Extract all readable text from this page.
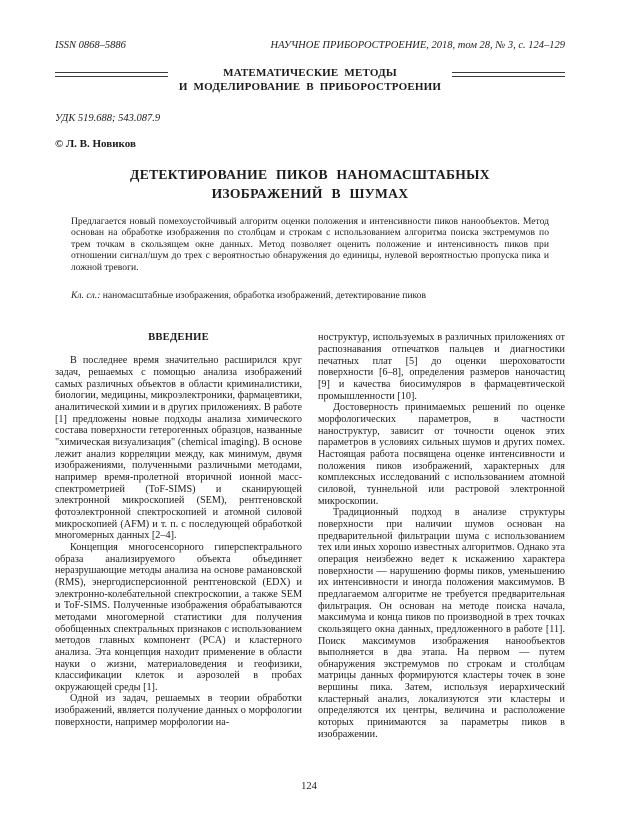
ISSN 0868–5886	НАУЧНОЕ ПРИБОРОСТРОЕНИЕ, 2018, том 28, № 3, с. 124–129
МАТЕМАТИЧЕСКИЕ МЕТОДЫ
И МОДЕЛИРОВАНИЕ В ПРИБОРОСТРОЕНИИ
УДК 519.688; 543.087.9
© Л. В. Новиков
ДЕТЕКТИРОВАНИЕ ПИКОВ НАНОМАСШТАБНЫХ
ИЗОБРАЖЕНИЙ В ШУМАХ
Предлагается новый помехоустойчивый алгоритм оценки положения и интенсивности пиков нанообъектов. Метод основан на обработке изображения по столбцам и строкам с использованием алгоритма поиска экстремумов по трем точкам в скользящем окне данных. Метод позволяет оценить положение и интенсивность пиков при отношении сигнал/шум до трех с вероятностью обнаружения до единицы, нулевой вероятностью пропуска пика и ложной тревоги.
Кл. сл.: наномасштабные изображения, обработка изображений, детектирование пиков
ВВЕДЕНИЕ

В последнее время значительно расширился круг задач, решаемых с помощью анализа изображений самых различных объектов в области криминалистики, биологии, медицины, микроэлектроники, фармацевтики, аналитической химии и в других приложениях. В работе [1] предложены новые подходы анализа химического состава поверхности гетерогенных образцов, названные "химическая визуализация" (chemical imaging). В основе лежит анализ корреляции между, как минимум, двумя изображениями, полученными различными методами, например время-пролетной вторичной ионной масс-спектрометрией (ToF-SIMS) и сканирующей электронной микроскопией (SEM), рентгеновской фотоэлектронной спектроскопией и атомной силовой микроскопией (AFM) и т. п. с последующей обработкой многомерных данных [2–4].

Концепция многосенсорного гиперспектрального образа анализируемого объекта объединяет неразрушающие методы анализа на основе рамановской (RMS), энергодисперсионной рентгеновской (EDX) и электронно-колебательной спектроскопии, а также SEM и ToF-SIMS. Полученные изображения обрабатываются методами многомерной статистики для получения обобщенных спектральных признаков с использованием методов главных компонент (PCA) и кластерного анализа. Эта концепция находит применение в области науки о жизни, материаловедения и геофизики, классификации клеток и аэрозолей в пробах окружающей среды [1].

Одной из задач, решаемых в теории обработки изображений, является получение данных о морфологии поверхности, например морфологии на-

ноструктур, используемых в различных приложениях от распознавания отпечатков пальцев и диагностики печатных плат [5] до оценки шероховатости поверхности [6–8], определения размеров наночастиц [9] и качества биосимуляров в фармацевтической промышленности [10].

Достоверность принимаемых решений по оценке морфологических параметров, в частности наноструктур, зависит от точности оценок этих параметров в условиях сильных шумов и других помех. Настоящая работа посвящена оценке интенсивности и положения пиков изображений, характерных для комплексных исследований с использованием атомной силовой, туннельной или растровой электронной микроскопии.

Традиционный подход в анализе структуры поверхности при наличии шумов основан на предварительной фильтрации шума с использованием тех или иных хорошо известных алгоритмов. Однако эта операция неизбежно ведет к искажению характера поверхности — нарушению формы пиков, уменьшению их интенсивности и иногда положения максимумов. В предлагаемом алгоритме не требуется предварительная фильтрация. Он основан на методе поиска начала, максимума и конца пиков по производной в трех точках скользящего окна данных, предложенного в работе [11]. Поиск максимумов изображения нанообъектов выполняется в два этапа. На первом — путем обнаружения экстремумов по строкам и столбцам матрицы данных формируются кластеры точек в зоне вершины пика. Затем, используя иерархический кластерный анализ, локализуются эти кластеры и определяются их центры, величина и расположение которых принимаются за параметры пиков в изображении.

124
